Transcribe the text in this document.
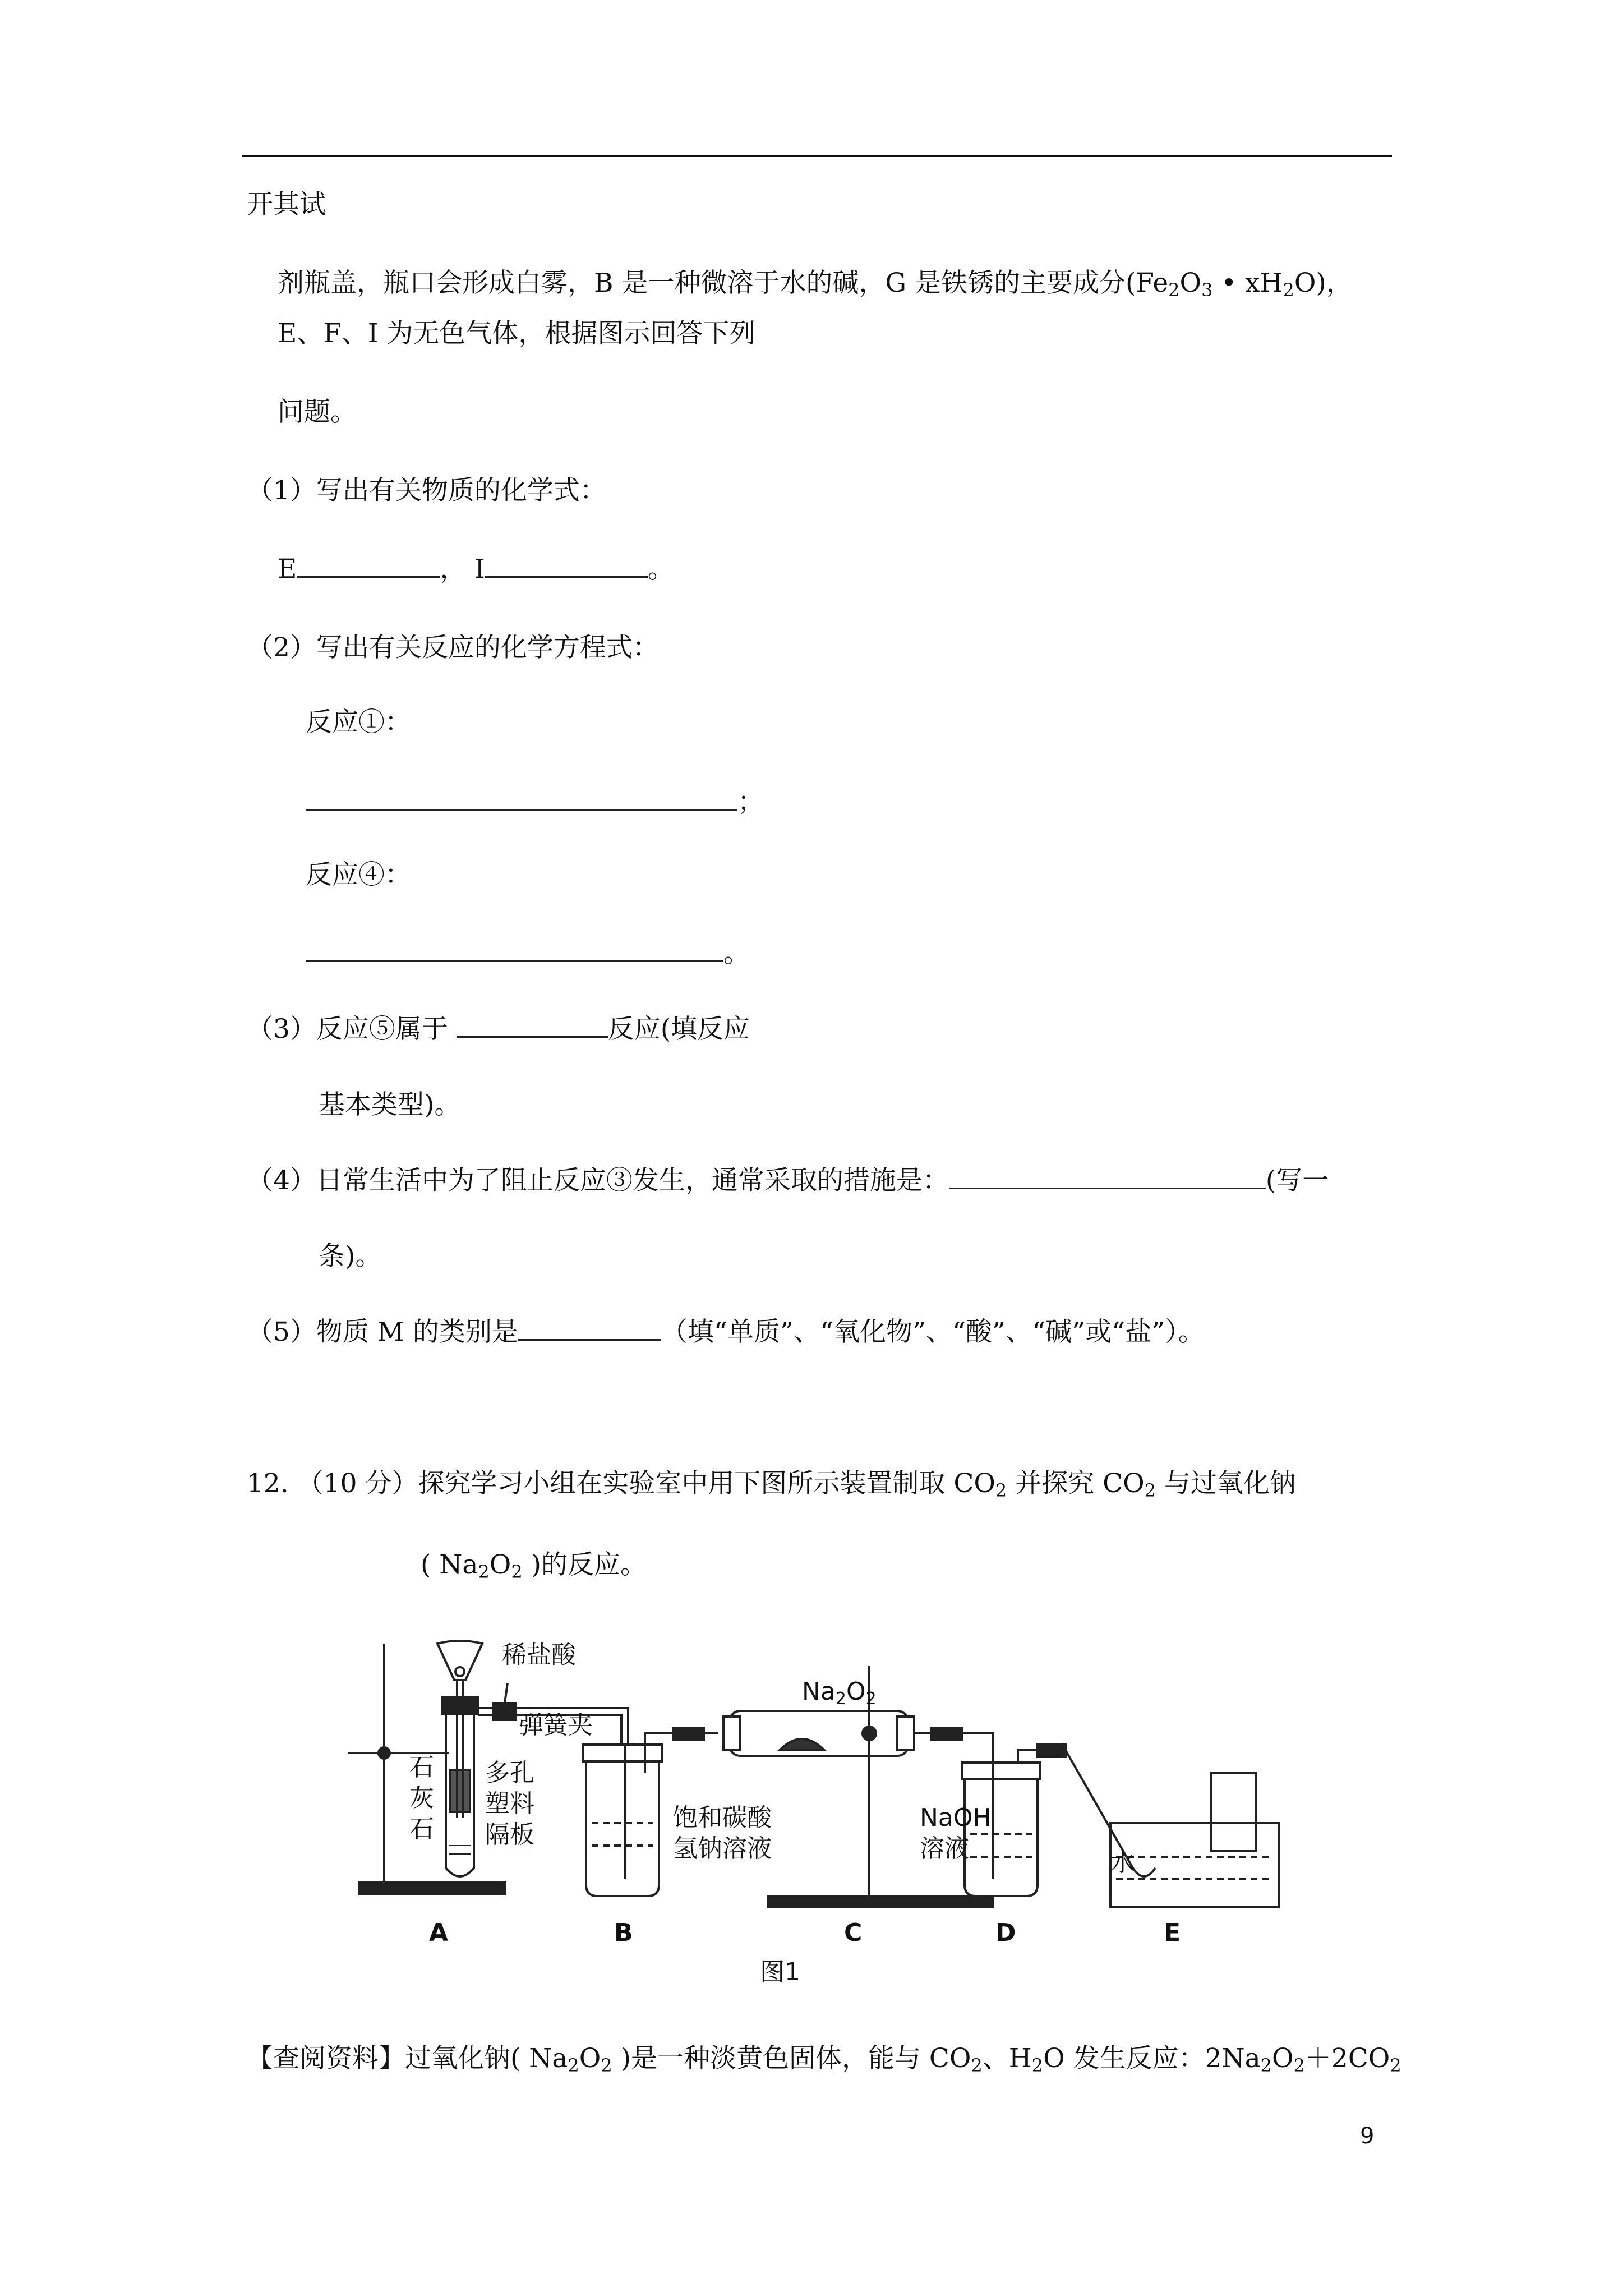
开其试
剂瓶盖，瓶口会形成白雾，B 是一种微溶于水的碱，G 是铁锈的主要成分($Fe_2O_3$ • $xH_2O$)，
E、F、I 为无色气体，根据图示回答下列
问题。
（1）写出有关物质的化学式：
E	， I	。
（2）写出有关反应的化学方程式：
反应①：
；
反应④：
。
（3）反应⑤属于	反应(填反应
基本类型)。
（4）日常生活中为了阻止反应③发生，通常采取的措施是：	(写一
条)。
（5）物质 M 的类别是	（填“单质”、“氧化物”、“酸”、“碱”或“盐”）。
12. （10 分）探究学习小组在实验室中用下图所示装置制取 $CO_2$ 并探究 $CO_2$ 与过氧化钠
( $Na_2O_2$ )的反应。
稀盐酸
弹簧夹
石
灰
石
多孔
塑料
隔板
饱和碳酸
氢钠溶液
NaOH
溶液	水
Na2O2
A	B	C	D	E
图1
【查阅资料】过氧化钠( $Na_2O_2$ )是一种淡黄色固体，能与 $CO_2$、$H_2O$ 发生反应：$2Na_2O_2+2CO_2$
9
